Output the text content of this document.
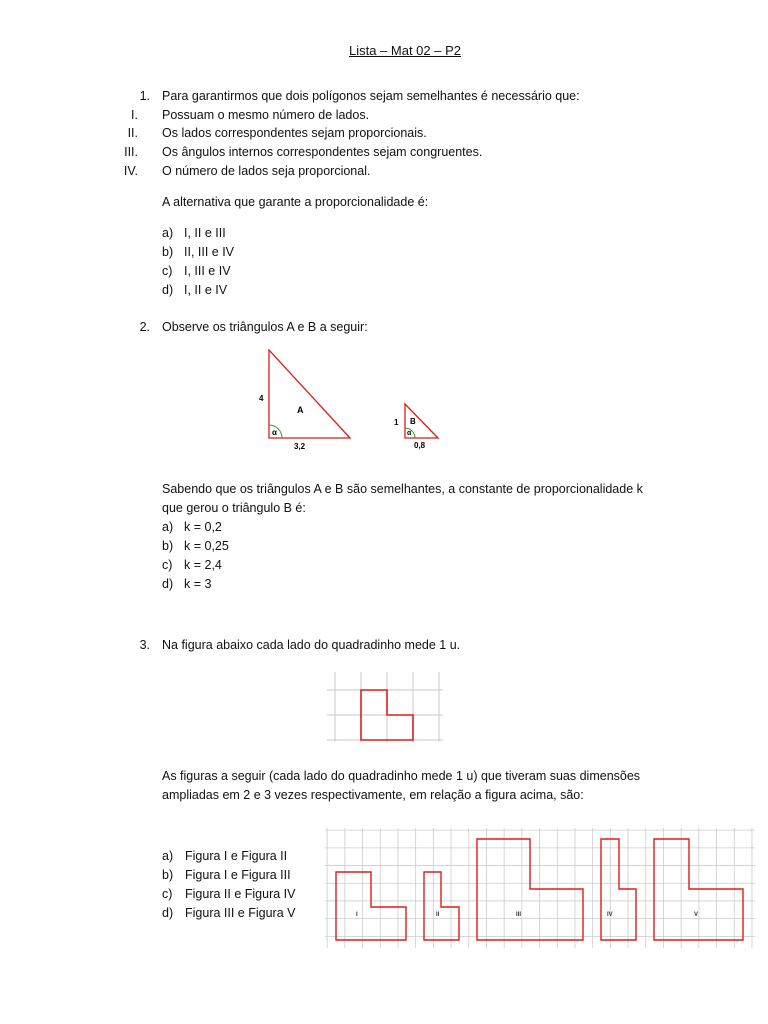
Lista – Mat 02 – P2
1. Para garantirmos que dois polígonos sejam semelhantes é necessário que:
I. Possuam o mesmo número de lados.
II. Os lados correspondentes sejam proporcionais.
III. Os ângulos internos correspondentes sejam congruentes.
IV. O número de lados seja proporcional.
A alternativa que garante a proporcionalidade é:
a) I, II e III
b) II, III e IV
c) I, III e IV
d) I, II e IV
2. Observe os triângulos A e B a seguir:
α
A
4
3,2
α
B
1
0,8
Sabendo que os triângulos A e B são semelhantes, a constante de proporcionalidade k
que gerou o triângulo B é:
a) k = 0,2
b) k = 0,25
c) k = 2,4
d) k = 3
3. Na figura abaixo cada lado do quadradinho mede 1 u.
As figuras a seguir (cada lado do quadradinho mede 1 u) que tiveram suas dimensões
ampliadas em 2 e 3 vezes respectivamente, em relação a figura acima, são:
a) Figura I e Figura II
b) Figura I e Figura III
c)	Figura II e Figura IV
d) Figura III e Figura V	I	II	III	IV	V
